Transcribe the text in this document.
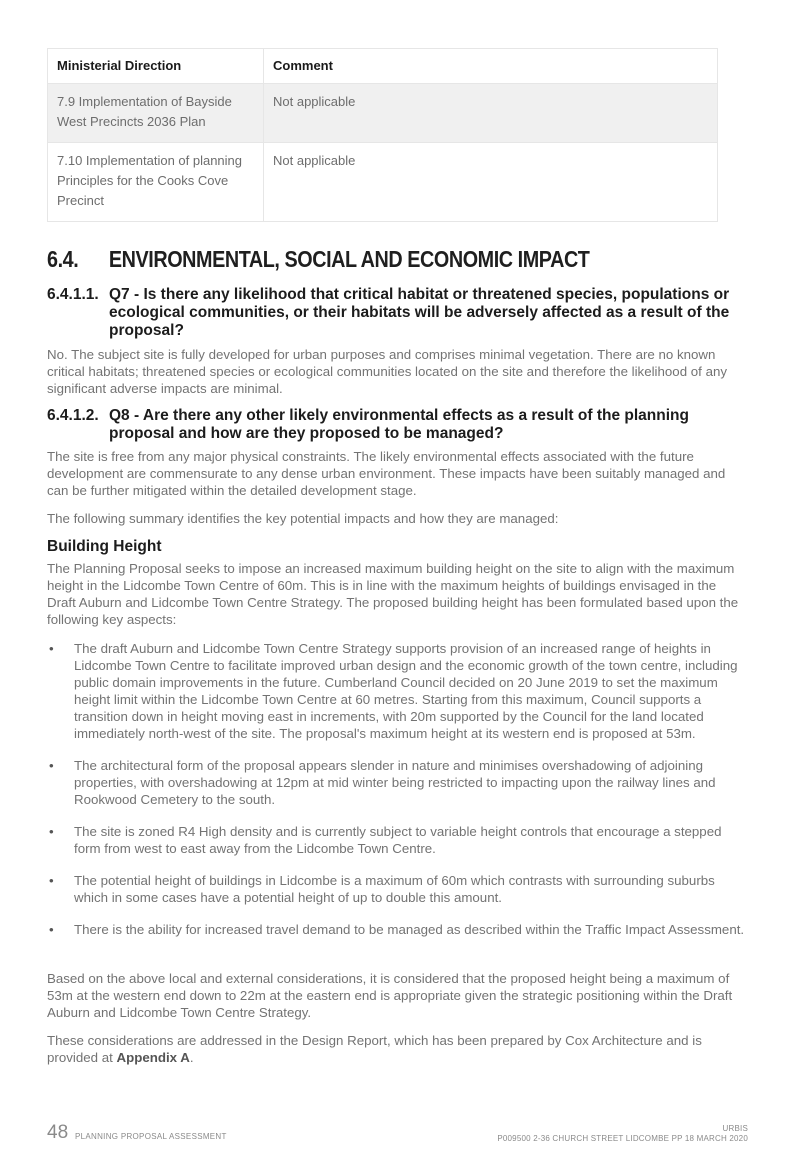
Ministerial Direction	Comment
7.9 Implementation of Bayside West Precincts 2036 Plan	Not applicable
7.10 Implementation of planning Principles for the Cooks Cove Precinct	Not applicable
6.4. ENVIRONMENTAL, SOCIAL AND ECONOMIC IMPACT
6.4.1.1. Q7 - Is there any likelihood that critical habitat or threatened species, populations or ecological communities, or their habitats will be adversely affected as a result of the proposal?

No. The subject site is fully developed for urban purposes and comprises minimal vegetation. There are no known critical habitats; threatened species or ecological communities located on the site and therefore the likelihood of any significant adverse impacts are minimal.

6.4.1.2. Q8 - Are there any other likely environmental effects as a result of the planning proposal and how are they proposed to be managed?

The site is free from any major physical constraints. The likely environmental effects associated with the future development are commensurate to any dense urban environment. These impacts have been suitably managed and can be further mitigated within the detailed development stage.

The following summary identifies the key potential impacts and how they are managed:

Building Height

The Planning Proposal seeks to impose an increased maximum building height on the site to align with the maximum height in the Lidcombe Town Centre of 60m. This is in line with the maximum heights of buildings envisaged in the Draft Auburn and Lidcombe Town Centre Strategy. The proposed building height has been formulated based upon the following key aspects:

• The draft Auburn and Lidcombe Town Centre Strategy supports provision of an increased range of heights in Lidcombe Town Centre to facilitate improved urban design and the economic growth of the town centre, including public domain improvements in the future. Cumberland Council decided on 20 June 2019 to set the maximum height limit within the Lidcombe Town Centre at 60 metres. Starting from this maximum, Council supports a transition down in height moving east in increments, with 20m supported by the Council for the land located immediately north-west of the site. The proposal's maximum height at its western end is proposed at 53m.
• The architectural form of the proposal appears slender in nature and minimises overshadowing of adjoining properties, with overshadowing at 12pm at mid winter being restricted to impacting upon the railway lines and Rookwood Cemetery to the south.
• The site is zoned R4 High density and is currently subject to variable height controls that encourage a stepped form from west to east away from the Lidcombe Town Centre.
• The potential height of buildings in Lidcombe is a maximum of 60m which contrasts with surrounding suburbs which in some cases have a potential height of up to double this amount.
• There is the ability for increased travel demand to be managed as described within the Traffic Impact Assessment.

Based on the above local and external considerations, it is considered that the proposed height being a maximum of 53m at the western end down to 22m at the eastern end is appropriate given the strategic positioning within the Draft Auburn and Lidcombe Town Centre Strategy.

These considerations are addressed in the Design Report, which has been prepared by Cox Architecture and is provided at Appendix A.

48 PLANNING PROPOSAL ASSESSMENT
URBIS
P009500 2-36 CHURCH STREET LIDCOMBE PP 18 MARCH 2020
